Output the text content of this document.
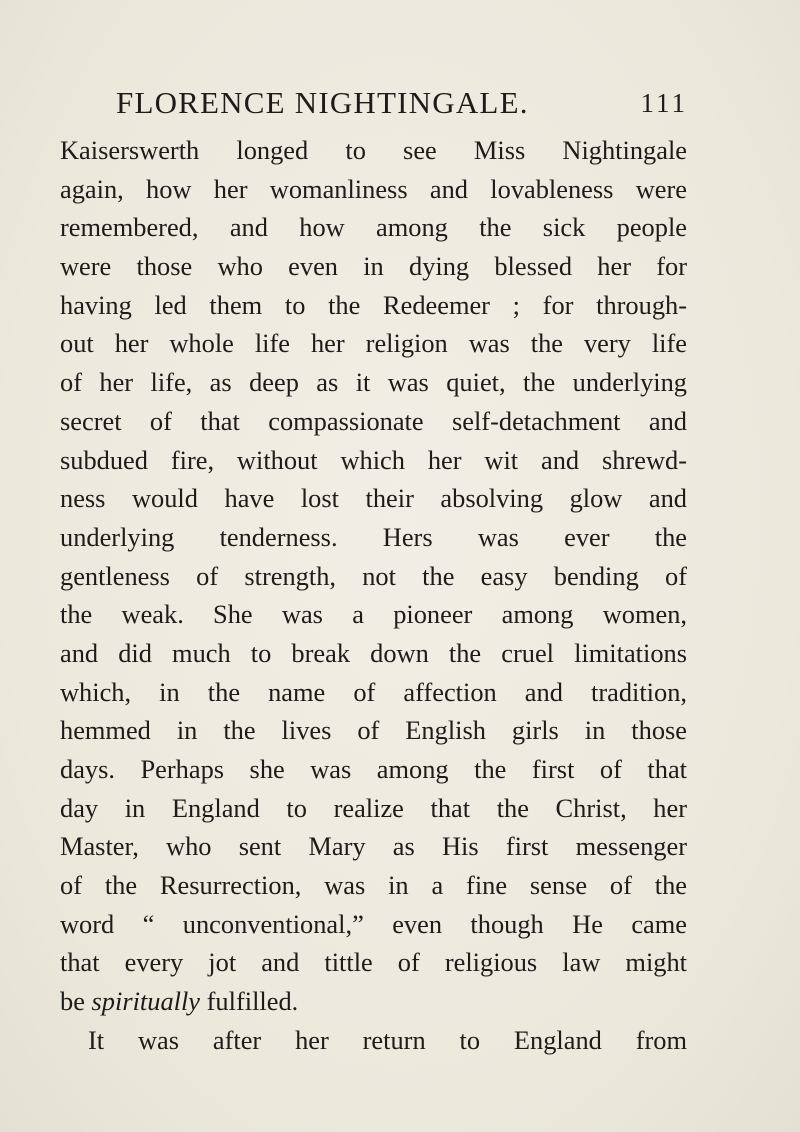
FLORENCE NIGHTINGALE.	111
Kaiserswerth longed to see Miss Nightingale
again, how her womanliness and lovableness were
remembered, and how among the sick people
were those who even in dying blessed her for
having led them to the Redeemer ; for through-
out her whole life her religion was the very life
of her life, as deep as it was quiet, the underlying
secret of that compassionate self-detachment and
subdued fire, without which her wit and shrewd-
ness would have lost their absolving glow and
underlying tenderness. Hers was ever the
gentleness of strength, not the easy bending of
the weak. She was a pioneer among women,
and did much to break down the cruel limitations
which, in the name of affection and tradition,
hemmed in the lives of English girls in those
days. Perhaps she was among the first of that
day in England to realize that the Christ, her
Master, who sent Mary as His first messenger
of the Resurrection, was in a fine sense of the
word “ unconventional,” even though He came
that every jot and tittle of religious law might
be spiritually fulfilled.
It was after her return to England from
